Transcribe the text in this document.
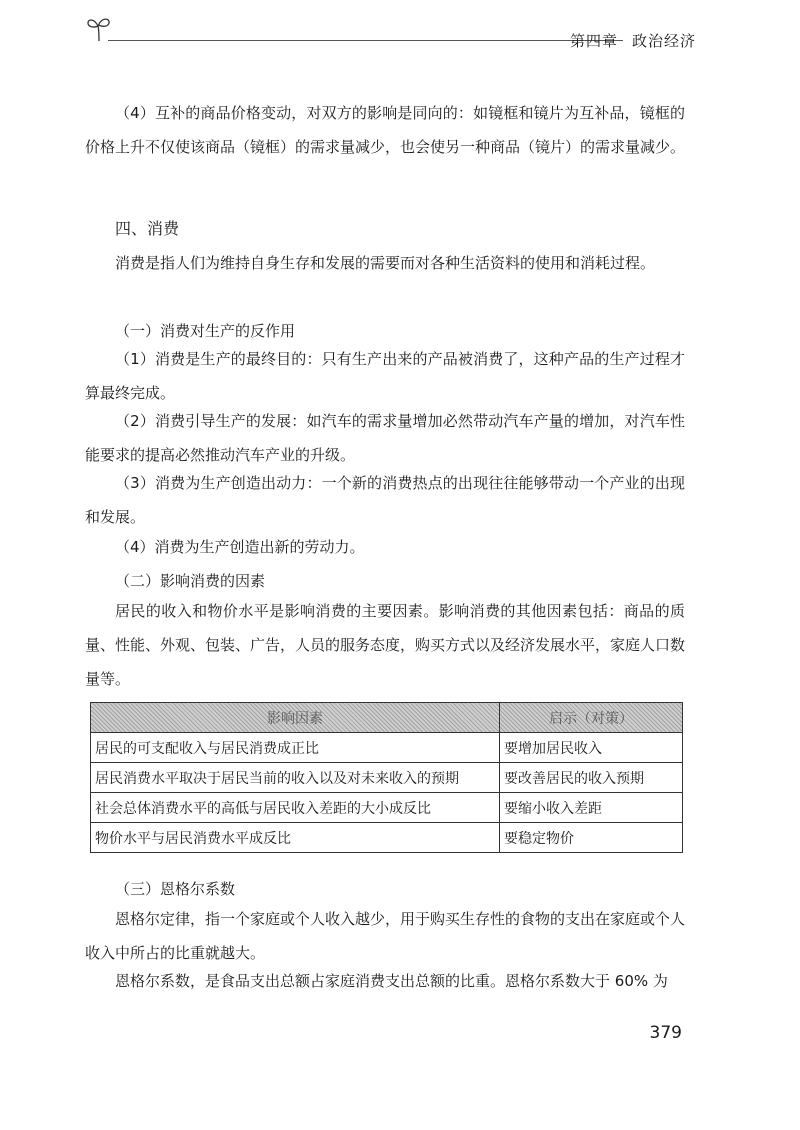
第四章 政治经济
（4）互补的商品价格变动，对双方的影响是同向的：如镜框和镜片为互补品，镜框的价格上升不仅使该商品（镜框）的需求量减少，也会使另一种商品（镜片）的需求量减少。
四、消费
消费是指人们为维持自身生存和发展的需要而对各种生活资料的使用和消耗过程。
（一）消费对生产的反作用
（1）消费是生产的最终目的：只有生产出来的产品被消费了，这种产品的生产过程才算最终完成。
（2）消费引导生产的发展：如汽车的需求量增加必然带动汽车产量的增加，对汽车性能要求的提高必然推动汽车产业的升级。
（3）消费为生产创造出动力：一个新的消费热点的出现往往能够带动一个产业的出现和发展。
（4）消费为生产创造出新的劳动力。
（二）影响消费的因素
居民的收入和物价水平是影响消费的主要因素。影响消费的其他因素包括：商品的质量、性能、外观、包装、广告，人员的服务态度，购买方式以及经济发展水平，家庭人口数量等。
影响因素	启示（对策）
居民的可支配收入与居民消费成正比	要增加居民收入
居民消费水平取决于居民当前的收入以及对未来收入的预期	要改善居民的收入预期
社会总体消费水平的高低与居民收入差距的大小成反比	要缩小收入差距
物价水平与居民消费水平成反比	要稳定物价
（三）恩格尔系数
恩格尔定律，指一个家庭或个人收入越少，用于购买生存性的食物的支出在家庭或个人收入中所占的比重就越大。
恩格尔系数，是食品支出总额占家庭消费支出总额的比重。恩格尔系数大于 60% 为
379
